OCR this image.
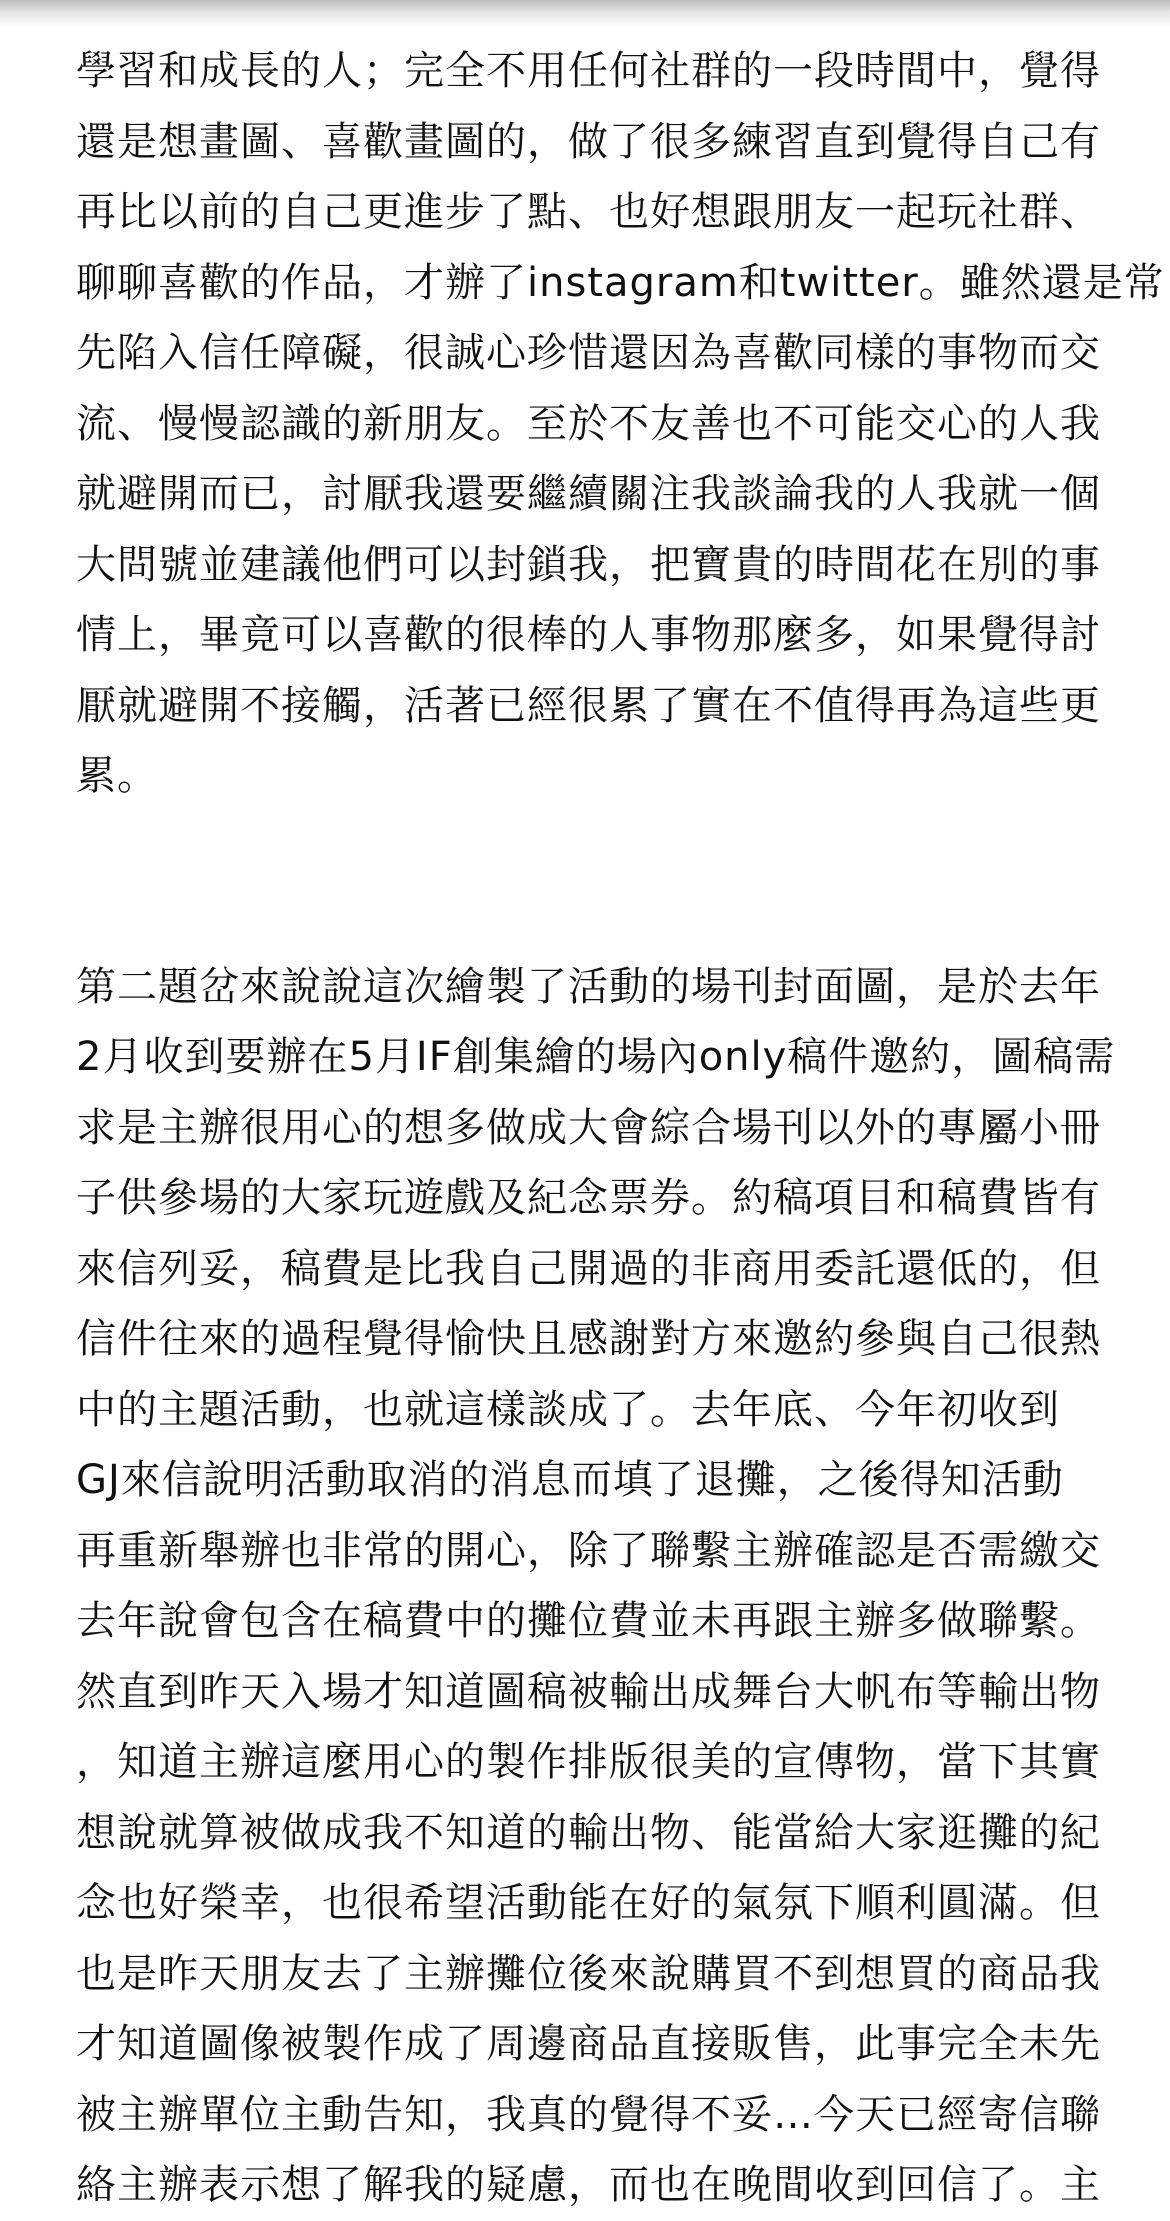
學習和成長的人；完全不用任何社群的一段時間中，覺得
還是想畫圖、喜歡畫圖的，做了很多練習直到覺得自己有
再比以前的自己更進步了點、也好想跟朋友一起玩社群、
聊聊喜歡的作品，才辦了instagram和twitter。雖然還是常
先陷入信任障礙，很誠心珍惜還因為喜歡同樣的事物而交
流、慢慢認識的新朋友。至於不友善也不可能交心的人我
就避開而已，討厭我還要繼續關注我談論我的人我就一個
大問號並建議他們可以封鎖我，把寶貴的時間花在別的事
情上，畢竟可以喜歡的很棒的人事物那麼多，如果覺得討
厭就避開不接觸，活著已經很累了實在不值得再為這些更
累。
第二題岔來說說這次繪製了活動的場刊封面圖，是於去年
2月收到要辦在5月IF創集繪的場內only稿件邀約，圖稿需
求是主辦很用心的想多做成大會綜合場刊以外的專屬小冊
子供參場的大家玩遊戲及紀念票券。約稿項目和稿費皆有
來信列妥，稿費是比我自己開過的非商用委託還低的，但
信件往來的過程覺得愉快且感謝對方來邀約參與自己很熱
中的主題活動，也就這樣談成了。去年底、今年初收到
GJ來信說明活動取消的消息而填了退攤，之後得知活動
再重新舉辦也非常的開心，除了聯繫主辦確認是否需繳交
去年說會包含在稿費中的攤位費並未再跟主辦多做聯繫。
然直到昨天入場才知道圖稿被輸出成舞台大帆布等輸出物
，知道主辦這麼用心的製作排版很美的宣傳物，當下其實
想說就算被做成我不知道的輸出物、能當給大家逛攤的紀
念也好榮幸，也很希望活動能在好的氣氛下順利圓滿。但
也是昨天朋友去了主辦攤位後來說購買不到想買的商品我
才知道圖像被製作成了周邊商品直接販售，此事完全未先
被主辦單位主動告知，我真的覺得不妥…今天已經寄信聯
絡主辦表示想了解我的疑慮，而也在晚間收到回信了。主
